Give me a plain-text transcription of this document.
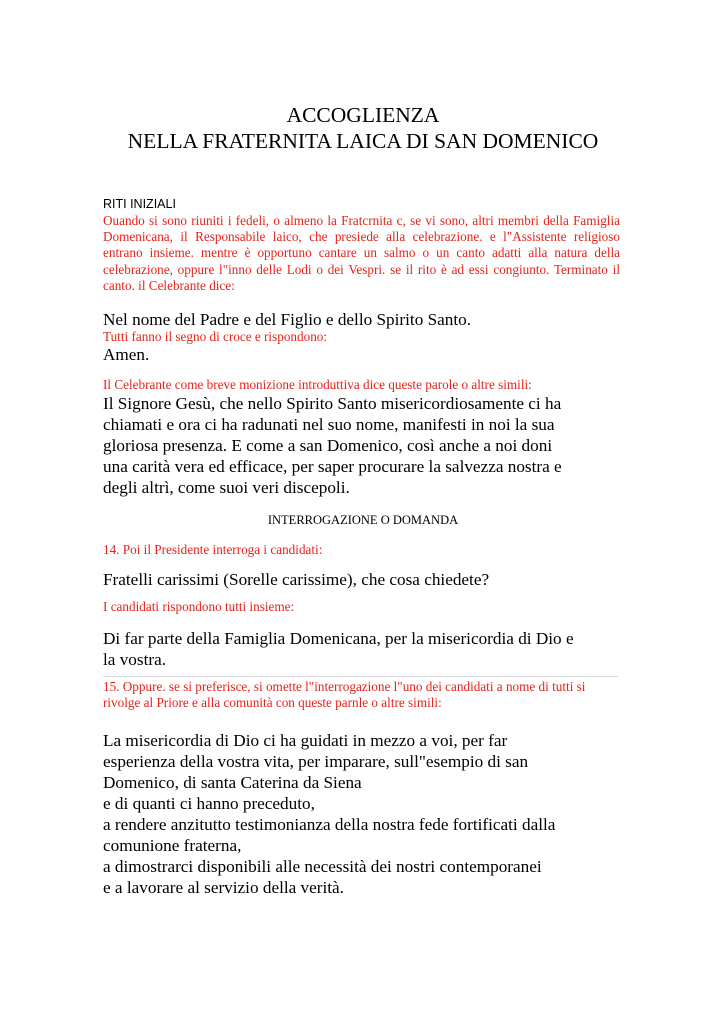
ACCOGLIENZA
NELLA FRATERNITA LAICA DI SAN DOMENICO
RITI INIZIALI
Ouando si sono riuniti i fedeli, o almeno la Fratcrnita c, se vi sono, altri membri della Famiglia Domenicana, il Responsabile laico, che presiede alla celebrazione. e l"Assistente religioso entrano insieme. mentre è opportuno cantare un salmo o un canto adatti alla natura della celebrazione, oppure l"inno delle Lodi o dei Vespri. se il rito è ad essi congiunto. Terminato il canto. il Celebrante dice:
Nel nome del Padre e del Figlio e dello Spirito Santo.
Tutti fanno il segno di croce e rispondono:
Amen.
Il Celebrante come breve monizione introduttiva dice queste parole o altre simili:
Il Signore Gesù, che nello Spirito Santo misericordiosamente ci ha
chiamati e ora ci ha radunati nel suo nome, manifesti in noi la sua
gloriosa presenza. E come a san Domenico, così anche a noi doni
una carità vera ed efficace, per saper procurare la salvezza nostra e
degli altrì, come suoi veri discepoli.
INTERROGAZIONE O DOMANDA
14. Poi il Presidente interroga i candidati:
Fratelli carissimi (Sorelle carissime), che cosa chiedete?
I candidati rispondono tutti insieme:
Di far parte della Famiglia Domenicana, per la misericordia di Dio e
la vostra.
15. Oppure. se si preferisce, si omette l"interrogazione l"uno dei candidati a nome di tutti si
rivolge al Priore e alla comunità con queste parnle o altre simili:
La misericordia di Dio ci ha guidati in mezzo a voi, per far
esperienza della vostra vita, per imparare, sull"esempio di san
Domenico, di santa Caterina da Siena
e di quanti ci hanno preceduto,
a rendere anzitutto testimonianza della nostra fede fortificati dalla
comunione fraterna,
a dimostrarci disponibili alle necessità dei nostri contemporanei
e a lavorare al servizio della verità.
